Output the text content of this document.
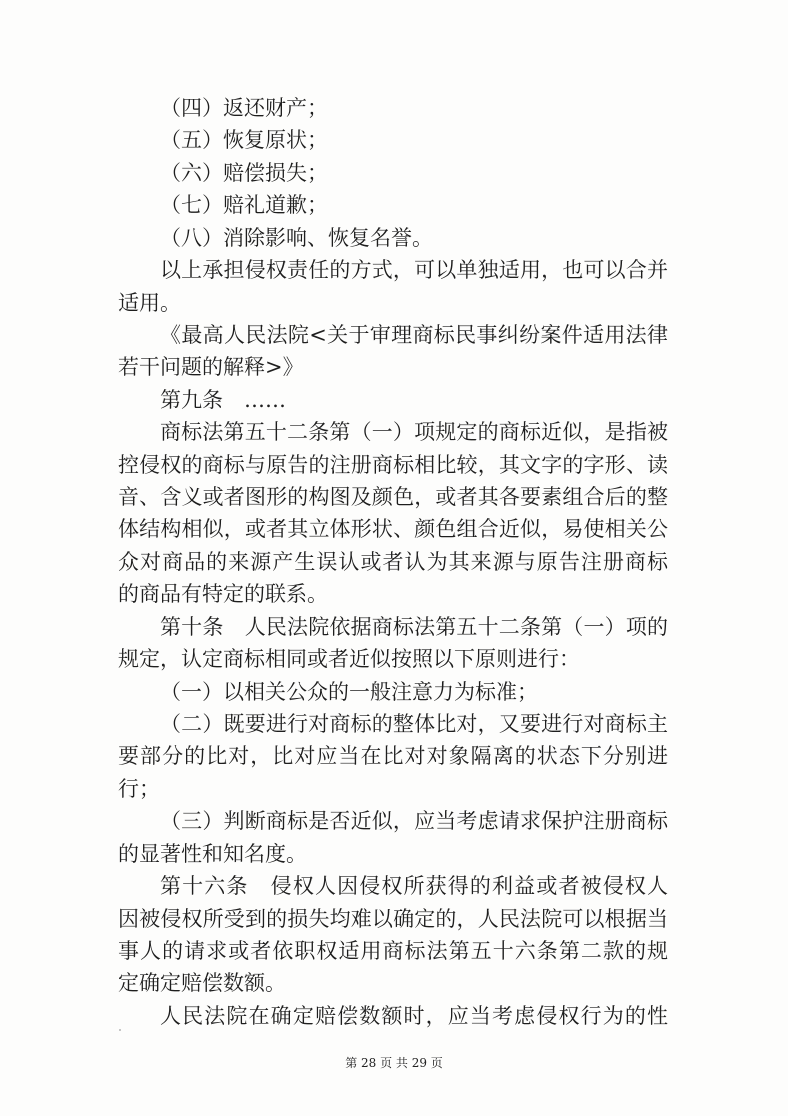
（四）返还财产；
（五）恢复原状；
（六）赔偿损失；
（七）赔礼道歉；
（八）消除影响、恢复名誉。
以上承担侵权责任的方式，可以单独适用，也可以合并
适用。
《最高人民法院<关于审理商标民事纠纷案件适用法律
若干问题的解释>》
第九条　……
商标法第五十二条第（一）项规定的商标近似，是指被
控侵权的商标与原告的注册商标相比较，其文字的字形、读
音、含义或者图形的构图及颜色，或者其各要素组合后的整
体结构相似，或者其立体形状、颜色组合近似，易使相关公
众对商品的来源产生误认或者认为其来源与原告注册商标
的商品有特定的联系。
第十条　人民法院依据商标法第五十二条第（一）项的
规定，认定商标相同或者近似按照以下原则进行：
（一）以相关公众的一般注意力为标准；
（二）既要进行对商标的整体比对，又要进行对商标主
要部分的比对，比对应当在比对对象隔离的状态下分别进
行；
（三）判断商标是否近似，应当考虑请求保护注册商标
的显著性和知名度。
第十六条　侵权人因侵权所获得的利益或者被侵权人
因被侵权所受到的损失均难以确定的，人民法院可以根据当
事人的请求或者依职权适用商标法第五十六条第二款的规
定确定赔偿数额。
人民法院在确定赔偿数额时，应当考虑侵权行为的性
第 28 页 共 29 页
